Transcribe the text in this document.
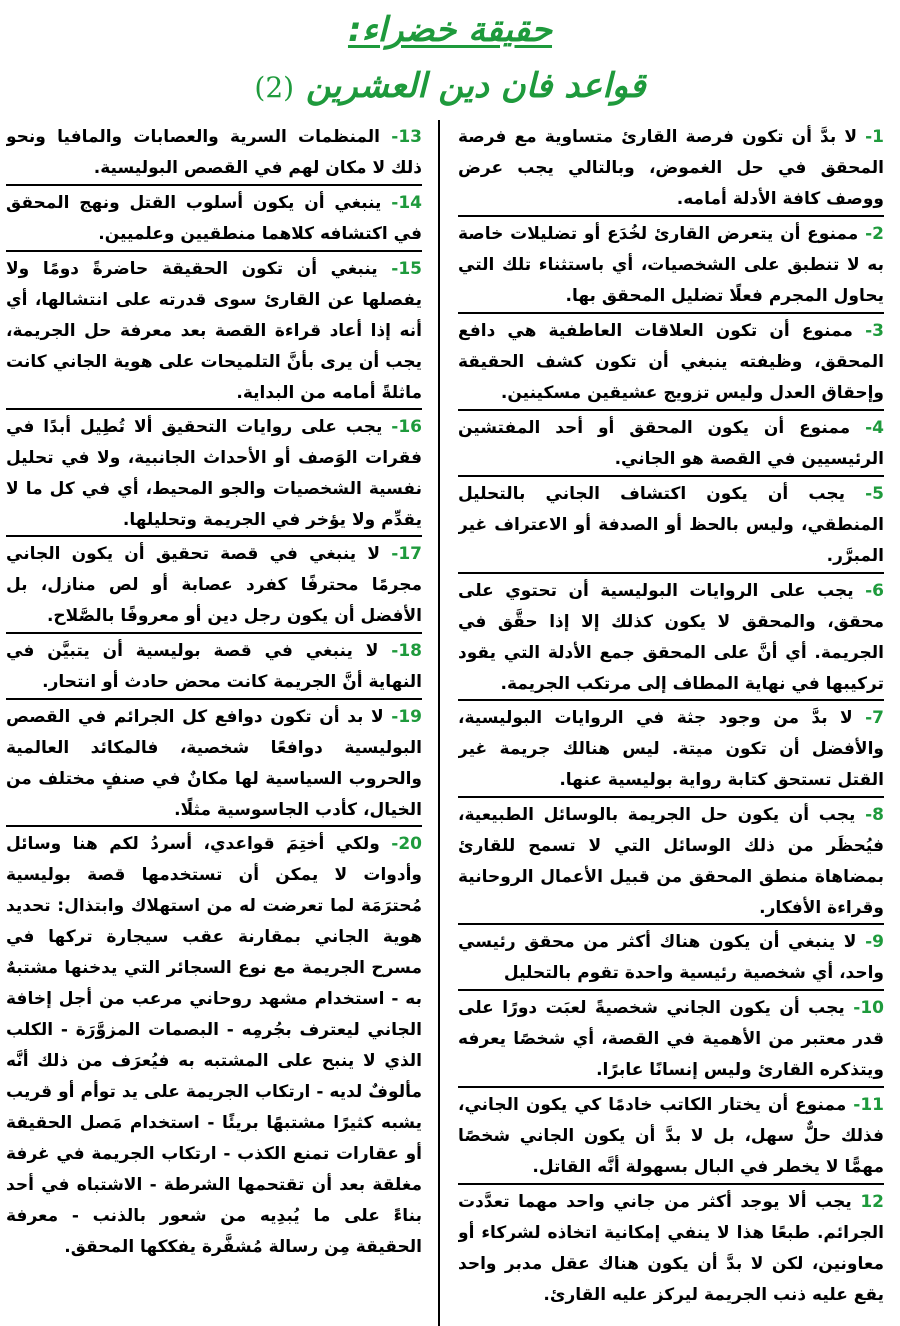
حقيقة خضراء:
قواعد فان دين العشرين (2)
1- لا بدَّ أن تكون فرصة القارئ متساوية مع فرصة المحقق في حل الغموض، وبالتالي يجب عرض ووصف كافة الأدلة أمامه.
2- ممنوع أن يتعرض القارئ لخُدَع أو تضليلات خاصة به لا تنطبق على الشخصيات، أي باستثناء تلك التي يحاول المجرم فعلًا تضليل المحقق بها.
3- ممنوع أن تكون العلاقات العاطفية هي دافع المحقق، وظيفته ينبغي أن تكون كشف الحقيقة وإحقاق العدل وليس تزويج عشيقين مسكينين.
4- ممنوع أن يكون المحقق أو أحد المفتشين الرئيسيين في القصة هو الجاني.
5- يجب أن يكون اكتشاف الجاني بالتحليل المنطقي، وليس بالحظ أو الصدفة أو الاعتراف غير المبرَّر.
6- يجب على الروايات البوليسية أن تحتوي على محقق، والمحقق لا يكون كذلك إلا إذا حقَّق في الجريمة. أي أنَّ على المحقق جمع الأدلة التي يقود تركيبها في نهاية المطاف إلى مرتكب الجريمة.
7- لا بدَّ من وجود جثة في الروايات البوليسية، والأفضل أن تكون ميتة. ليس هنالك جريمة غير القتل تستحق كتابة رواية بوليسية عنها.
8- يجب أن يكون حل الجريمة بالوسائل الطبيعية، فيُحظَر من ذلك الوسائل التي لا تسمح للقارئ بمضاهاة منطق المحقق من قبيل الأعمال الروحانية وقراءة الأفكار.
9- لا ينبغي أن يكون هناك أكثر من محقق رئيسي واحد، أي شخصية رئيسية واحدة تقوم بالتحليل
10- يجب أن يكون الجاني شخصيةً لعبَت دورًا على قدر معتبر من الأهمية في القصة، أي شخصًا يعرفه ويتذكره القارئ وليس إنسانًا عابرًا.
11- ممنوع أن يختار الكاتب خادمًا كي يكون الجاني، فذلك حلٌّ سهل، بل لا بدَّ أن يكون الجاني شخصًا مهمًّا لا يخطر في البال بسهولة أنَّه القاتل.
12 يجب ألا يوجد أكثر من جاني واحد مهما تعدَّدت الجرائم. طبعًا هذا لا ينفي إمكانية اتخاذه لشركاء أو معاونين، لكن لا بدَّ أن يكون هناك عقل مدبر واحد يقع عليه ذنب الجريمة ليركز عليه القارئ.
13- المنظمات السرية والعصابات والمافيا ونحو ذلك لا مكان لهم في القصص البوليسية.
14- ينبغي أن يكون أسلوب القتل ونهج المحقق في اكتشافه كلاهما منطقيين وعلميين.
15- ينبغي أن تكون الحقيقة حاضرةً دومًا ولا يفصلها عن القارئ سوى قدرته على انتشالها، أي أنه إذا أعاد قراءة القصة بعد معرفة حل الجريمة، يجب أن يرى بأنَّ التلميحات على هوية الجاني كانت ماثلةً أمامه من البداية.
16- يجب على روايات التحقيق ألا تُطِيل أبدًا في فقرات الوَصف أو الأحداث الجانبية، ولا في تحليل نفسية الشخصيات والجو المحيط، أي في كل ما لا يقدِّم ولا يؤخر في الجريمة وتحليلها.
17- لا ينبغي في قصة تحقيق أن يكون الجاني مجرمًا محترفًا كفرد عصابة أو لص منازل، بل الأفضل أن يكون رجل دين أو معروفًا بالصَّلاح.
18- لا ينبغي في قصة بوليسية أن يتبيَّن في النهاية أنَّ الجريمة كانت محض حادث أو انتحار.
19- لا بد أن تكون دوافع كل الجرائم في القصص البوليسية دوافعًا شخصية، فالمكائد العالمية والحروب السياسية لها مكانٌ في صنفٍ مختلف من الخيال، كأدب الجاسوسية مثلًا.
20- ولكي أختِمَ قواعدي، أسردُ لكم هنا وسائل وأدوات لا يمكن أن تستخدمها قصة بوليسية مُحترَمَة لما تعرضت له من استهلاك وابتذال: تحديد هوية الجاني بمقارنة عقب سيجارة تركها في مسرح الجريمة مع نوع السجائر التي يدخنها مشتبهٌ به - استخدام مشهد روحاني مرعب من أجل إخافة الجاني ليعترف بجُرمِه - البصمات المزوَّرَة - الكلب الذي لا ينبح على المشتبه به فيُعرَف من ذلك أنَّه مألوفٌ لديه - ارتكاب الجريمة على يد توأم أو قريب يشبه كثيرًا مشتبهًا بريئًا - استخدام مَصل الحقيقة أو عقارات تمنع الكذب - ارتكاب الجريمة في غرفة مغلقة بعد أن تقتحمها الشرطة - الاشتباه في أحد بناءً على ما يُبدِيه من شعور بالذنب - معرفة الحقيقة مِن رسالة مُشفَّرة يفككها المحقق.
